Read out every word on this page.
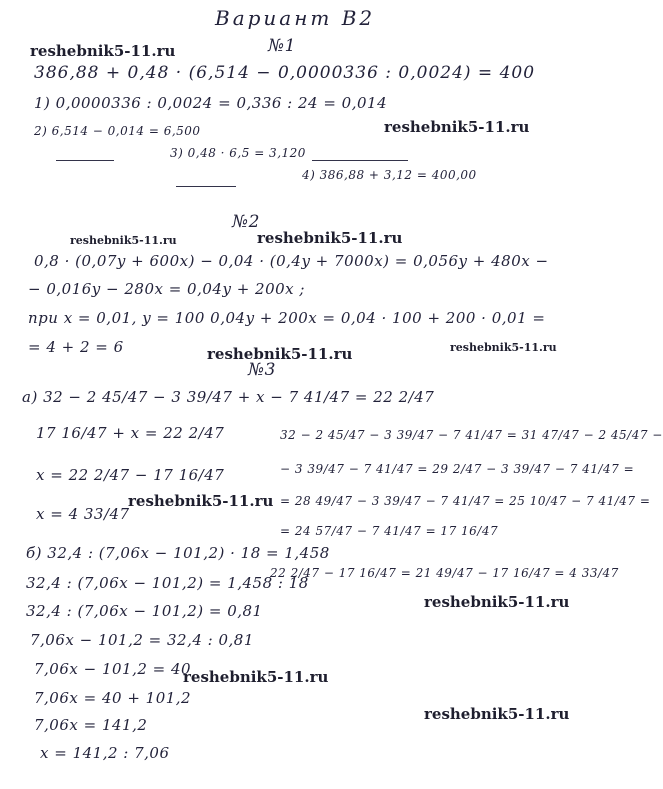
Вариант В2
reshebnik5-11.ru
reshebnik5-11.ru
reshebnik5-11.ru	reshebnik5-11.ru
reshebnik5-11.ru	reshebnik5-11.ru
reshebnik5-11.ru
reshebnik5-11.ru
reshebnik5-11.ru
reshebnik5-11.ru
№1
386,88 + 0,48 · (6,514 − 0,0000336 : 0,0024) = 400
1) 0,0000336 : 0,0024 = 0,336 : 24 = 0,014
2) 6,514 − 0,014 = 6,500
3) 0,48 · 6,5 = 3,120
4) 386,88 + 3,12 = 400,00
№2
0,8 · (0,07y + 600x) − 0,04 · (0,4y + 7000x) = 0,056y + 480x −
− 0,016y − 280x = 0,04y + 200x ;
при x = 0,01, y = 100 0,04y + 200x = 0,04 · 100 + 200 · 0,01 =
= 4 + 2 = 6
№3
а) 32 − 2 45/47 − 3 39/47 + x − 7 41/47 = 22 2/47
17 16/47 + x = 22 2/47
x = 22 2/47 − 17 16/47
x = 4 33/47
32 − 2 45/47 − 3 39/47 − 7 41/47 = 31 47/47 − 2 45/47 −
− 3 39/47 − 7 41/47 = 29 2/47 − 3 39/47 − 7 41/47 =
= 28 49/47 − 3 39/47 − 7 41/47 = 25 10/47 − 7 41/47 =
= 24 57/47 − 7 41/47 = 17 16/47
22 2/47 − 17 16/47 = 21 49/47 − 17 16/47 = 4 33/47
б) 32,4 : (7,06x − 101,2) · 18 = 1,458
32,4 : (7,06x − 101,2) = 1,458 : 18
32,4 : (7,06x − 101,2) = 0,81
7,06x − 101,2 = 32,4 : 0,81
7,06x − 101,2 = 40
7,06x = 40 + 101,2
7,06x = 141,2
x = 141,2 : 7,06
